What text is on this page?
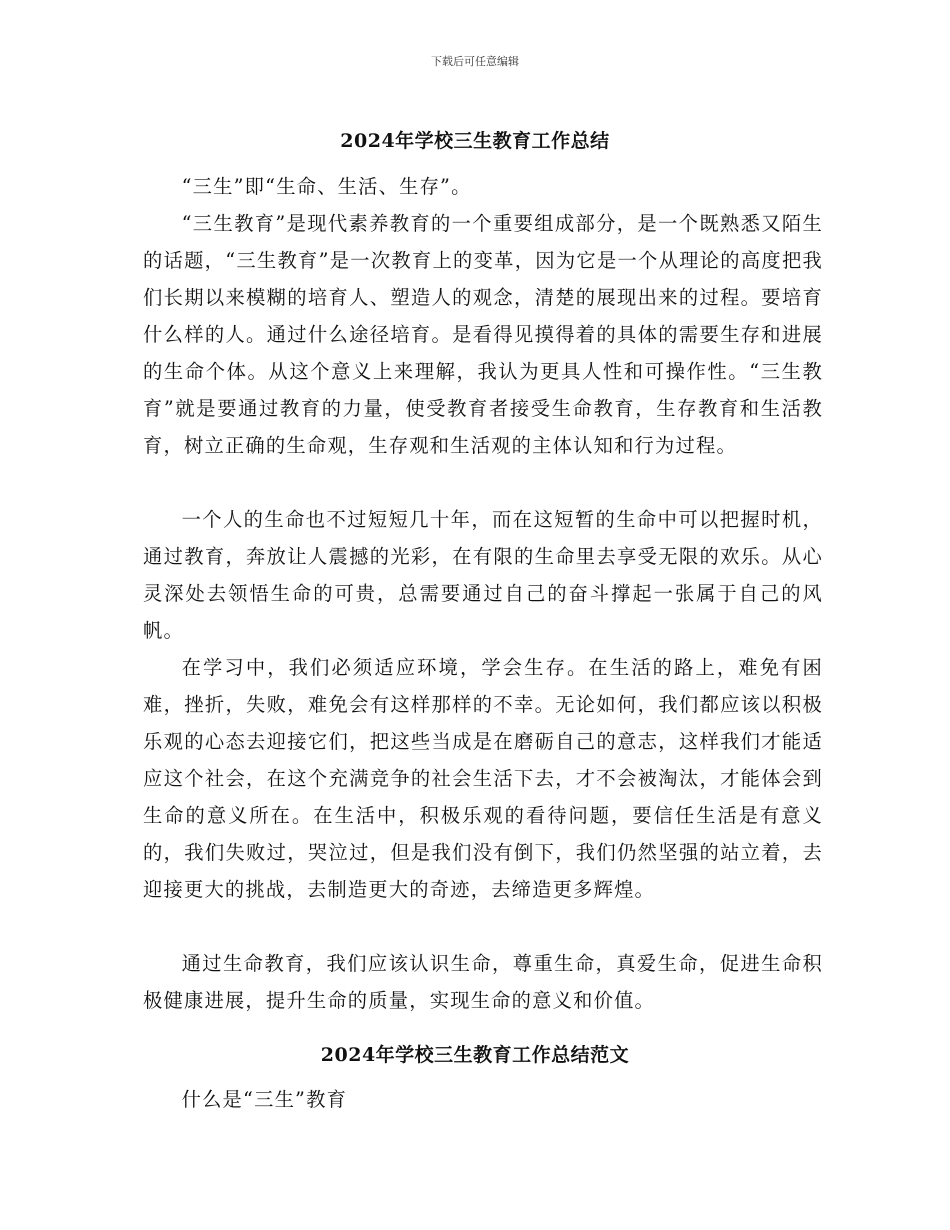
下载后可任意编辑
2024年学校三生教育工作总结

“三生”即“生命、生活、生存”。

“三生教育”是现代素养教育的一个重要组成部分，是一个既熟悉又陌生的话题，“三生教育”是一次教育上的变革，因为它是一个从理论的高度把我们长期以来模糊的培育人、塑造人的观念，清楚的展现出来的过程。要培育什么样的人。通过什么途径培育。是看得见摸得着的具体的需要生存和进展的生命个体。从这个意义上来理解，我认为更具人性和可操作性。“三生教育”就是要通过教育的力量，使受教育者接受生命教育，生存教育和生活教育，树立正确的生命观，生存观和生活观的主体认知和行为过程。

一个人的生命也不过短短几十年，而在这短暂的生命中可以把握时机，通过教育，奔放让人震撼的光彩，在有限的生命里去享受无限的欢乐。从心灵深处去领悟生命的可贵，总需要通过自己的奋斗撑起一张属于自己的风帆。

在学习中，我们必须适应环境，学会生存。在生活的路上，难免有困难，挫折，失败，难免会有这样那样的不幸。无论如何，我们都应该以积极乐观的心态去迎接它们，把这些当成是在磨砺自己的意志，这样我们才能适应这个社会，在这个充满竞争的社会生活下去，才不会被淘汰，才能体会到生命的意义所在。在生活中，积极乐观的看待问题，要信任生活是有意义的，我们失败过，哭泣过，但是我们没有倒下，我们仍然坚强的站立着，去迎接更大的挑战，去制造更大的奇迹，去缔造更多辉煌。

通过生命教育，我们应该认识生命，尊重生命，真爱生命，促进生命积极健康进展，提升生命的质量，实现生命的意义和价值。

2024年学校三生教育工作总结范文

什么是“三生”教育
